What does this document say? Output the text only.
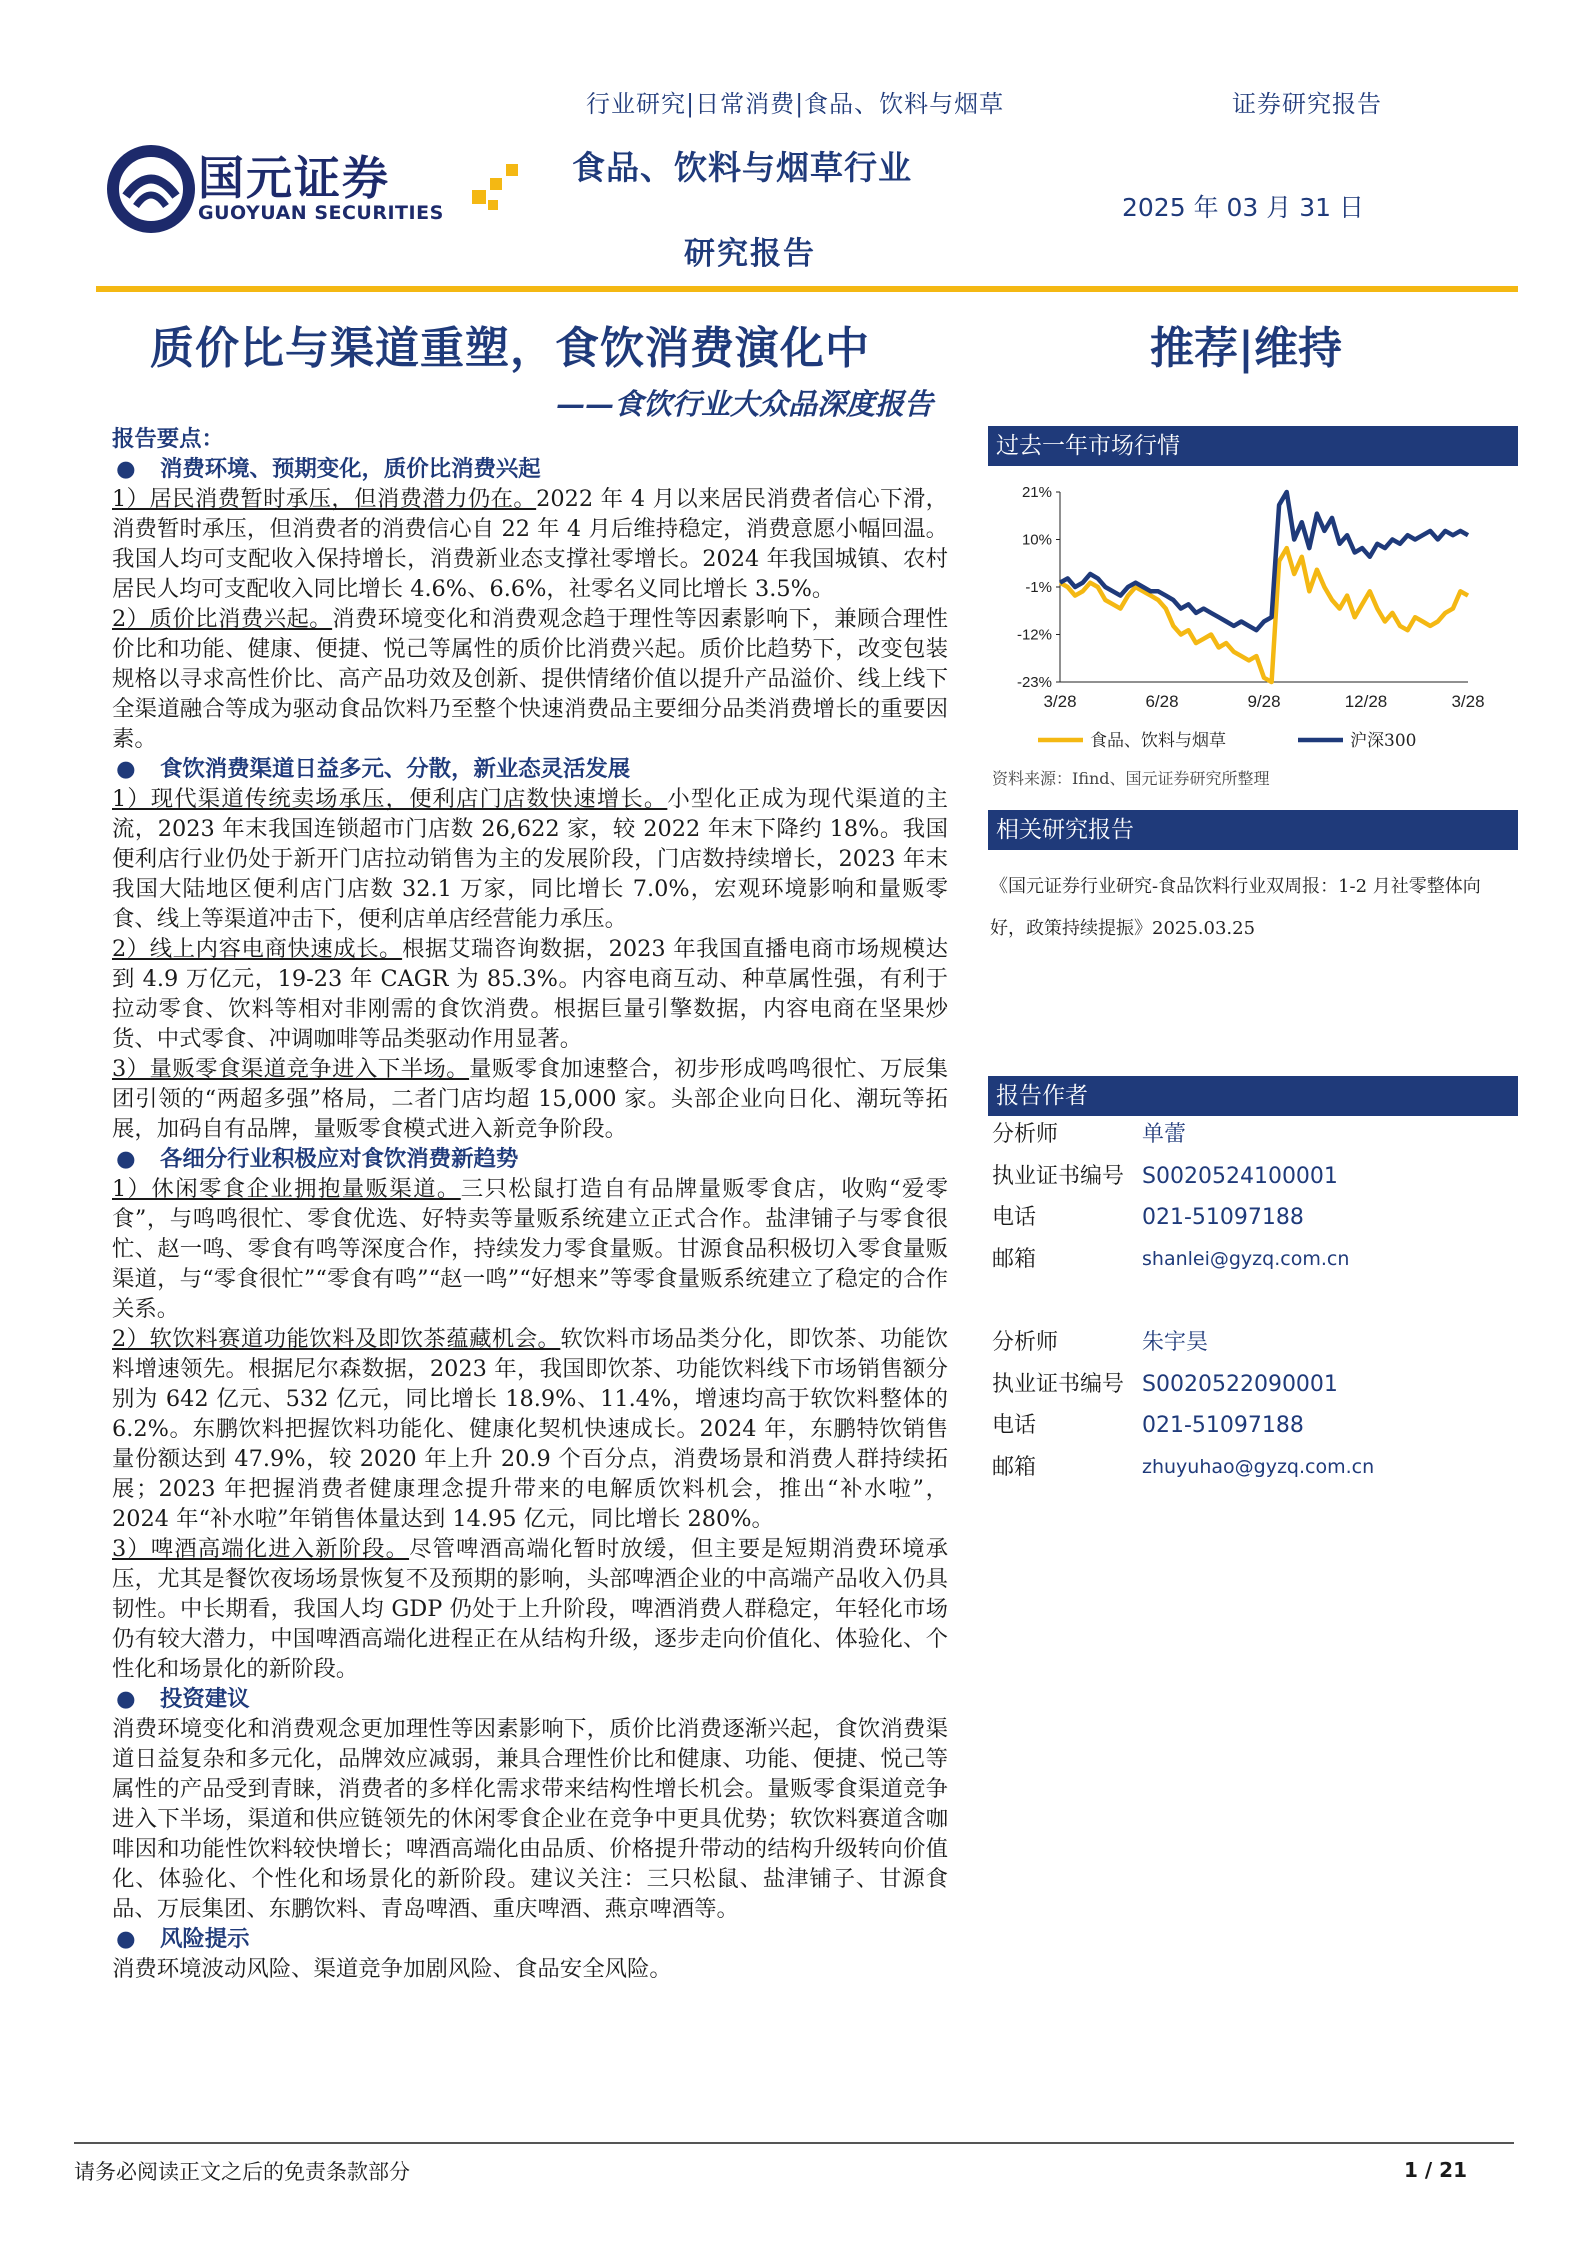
行业研究|日常消费|食品、饮料与烟草	证券研究报告
国元证券
GUOYUAN SECURITIES
食品、饮料与烟草行业
2025 年 03 月 31 日
研究报告
质价比与渠道重塑，食饮消费演化中	推荐|维持
——食饮行业大众品深度报告

报告要点：

● 消费环境、预期变化，质价比消费兴起

1）居民消费暂时承压，但消费潜力仍在。2022 年 4 月以来居民消费者信心下滑，消费暂时承压，但消费者的消费信心自 22 年 4 月后维持稳定，消费意愿小幅回温。我国人均可支配收入保持增长，消费新业态支撑社零增长。2024 年我国城镇、农村居民人均可支配收入同比增长 4.6%、6.6%，社零名义同比增长 3.5%。

2）质价比消费兴起。消费环境变化和消费观念趋于理性等因素影响下，兼顾合理性价比和功能、健康、便捷、悦己等属性的质价比消费兴起。质价比趋势下，改变包装规格以寻求高性价比、高产品功效及创新、提供情绪价值以提升产品溢价、线上线下全渠道融合等成为驱动食品饮料乃至整个快速消费品主要细分品类消费增长的重要因素。

● 食饮消费渠道日益多元、分散，新业态灵活发展

1）现代渠道传统卖场承压，便利店门店数快速增长。小型化正成为现代渠道的主流，2023 年末我国连锁超市门店数 26,622 家，较 2022 年末下降约 18%。我国便利店行业仍处于新开门店拉动销售为主的发展阶段，门店数持续增长，2023 年末我国大陆地区便利店门店数 32.1 万家，同比增长 7.0%，宏观环境影响和量贩零食、线上等渠道冲击下，便利店单店经营能力承压。

2）线上内容电商快速成长。根据艾瑞咨询数据，2023 年我国直播电商市场规模达到 4.9 万亿元，19-23 年 CAGR 为 85.3%。内容电商互动、种草属性强，有利于拉动零食、饮料等相对非刚需的食饮消费。根据巨量引擎数据，内容电商在坚果炒货、中式零食、冲调咖啡等品类驱动作用显著。

3）量贩零食渠道竞争进入下半场。量贩零食加速整合，初步形成鸣鸣很忙、万辰集团引领的“两超多强”格局，二者门店均超 15,000 家。头部企业向日化、潮玩等拓展，加码自有品牌，量贩零食模式进入新竞争阶段。

● 各细分行业积极应对食饮消费新趋势

1）休闲零食企业拥抱量贩渠道。三只松鼠打造自有品牌量贩零食店，收购“爱零食”，与鸣鸣很忙、零食优选、好特卖等量贩系统建立正式合作。盐津铺子与零食很忙、赵一鸣、零食有鸣等深度合作，持续发力零食量贩。甘源食品积极切入零食量贩渠道，与“零食很忙”“零食有鸣”“赵一鸣”“好想来”等零食量贩系统建立了稳定的合作关系。

2）软饮料赛道功能饮料及即饮茶蕴藏机会。软饮料市场品类分化，即饮茶、功能饮料增速领先。根据尼尔森数据，2023 年，我国即饮茶、功能饮料线下市场销售额分别为 642 亿元、532 亿元，同比增长 18.9%、11.4%，增速均高于软饮料整体的 6.2%。东鹏饮料把握饮料功能化、健康化契机快速成长。2024 年，东鹏特饮销售量份额达到 47.9%，较 2020 年上升 20.9 个百分点，消费场景和消费人群持续拓展；2023 年把握消费者健康理念提升带来的电解质饮料机会，推出“补水啦”，2024 年“补水啦”年销售体量达到 14.95 亿元，同比增长 280%。

3）啤酒高端化进入新阶段。尽管啤酒高端化暂时放缓，但主要是短期消费环境承压，尤其是餐饮夜场场景恢复不及预期的影响，头部啤酒企业的中高端产品收入仍具韧性。中长期看，我国人均 GDP 仍处于上升阶段，啤酒消费人群稳定，年轻化市场仍有较大潜力，中国啤酒高端化进程正在从结构升级，逐步走向价值化、体验化、个性化和场景化的新阶段。

● 投资建议

消费环境变化和消费观念更加理性等因素影响下，质价比消费逐渐兴起，食饮消费渠道日益复杂和多元化，品牌效应减弱，兼具合理性价比和健康、功能、便捷、悦己等属性的产品受到青睐，消费者的多样化需求带来结构性增长机会。量贩零食渠道竞争进入下半场，渠道和供应链领先的休闲零食企业在竞争中更具优势；软饮料赛道含咖啡因和功能性饮料较快增长；啤酒高端化由品质、价格提升带动的结构升级转向价值化、体验化、个性化和场景化的新阶段。建议关注：三只松鼠、盐津铺子、甘源食品、万辰集团、东鹏饮料、青岛啤酒、重庆啤酒、燕京啤酒等。

● 风险提示

消费环境波动风险、渠道竞争加剧风险、食品安全风险。

过去一年市场行情
21%
10%
-1%
-12%
-23%
3/28	6/28	9/28	12/28	3/28
食品、饮料与烟草	沪深300
资料来源：Ifind、国元证券研究所整理
相关研究报告
《国元证券行业研究-食品饮料行业双周报：1-2 月社零整体向好，政策持续提振》2025.03.25
报告作者
分析师	单蕾
执业证书编号 S0020524100001
电话	021-51097188
邮箱	shanlei@gyzq.com.cn
分析师	朱宇昊
执业证书编号 S0020522090001
电话	021-51097188
邮箱	zhuyuhao@gyzq.com.cn
请务必阅读正文之后的免责条款部分	1 / 21
